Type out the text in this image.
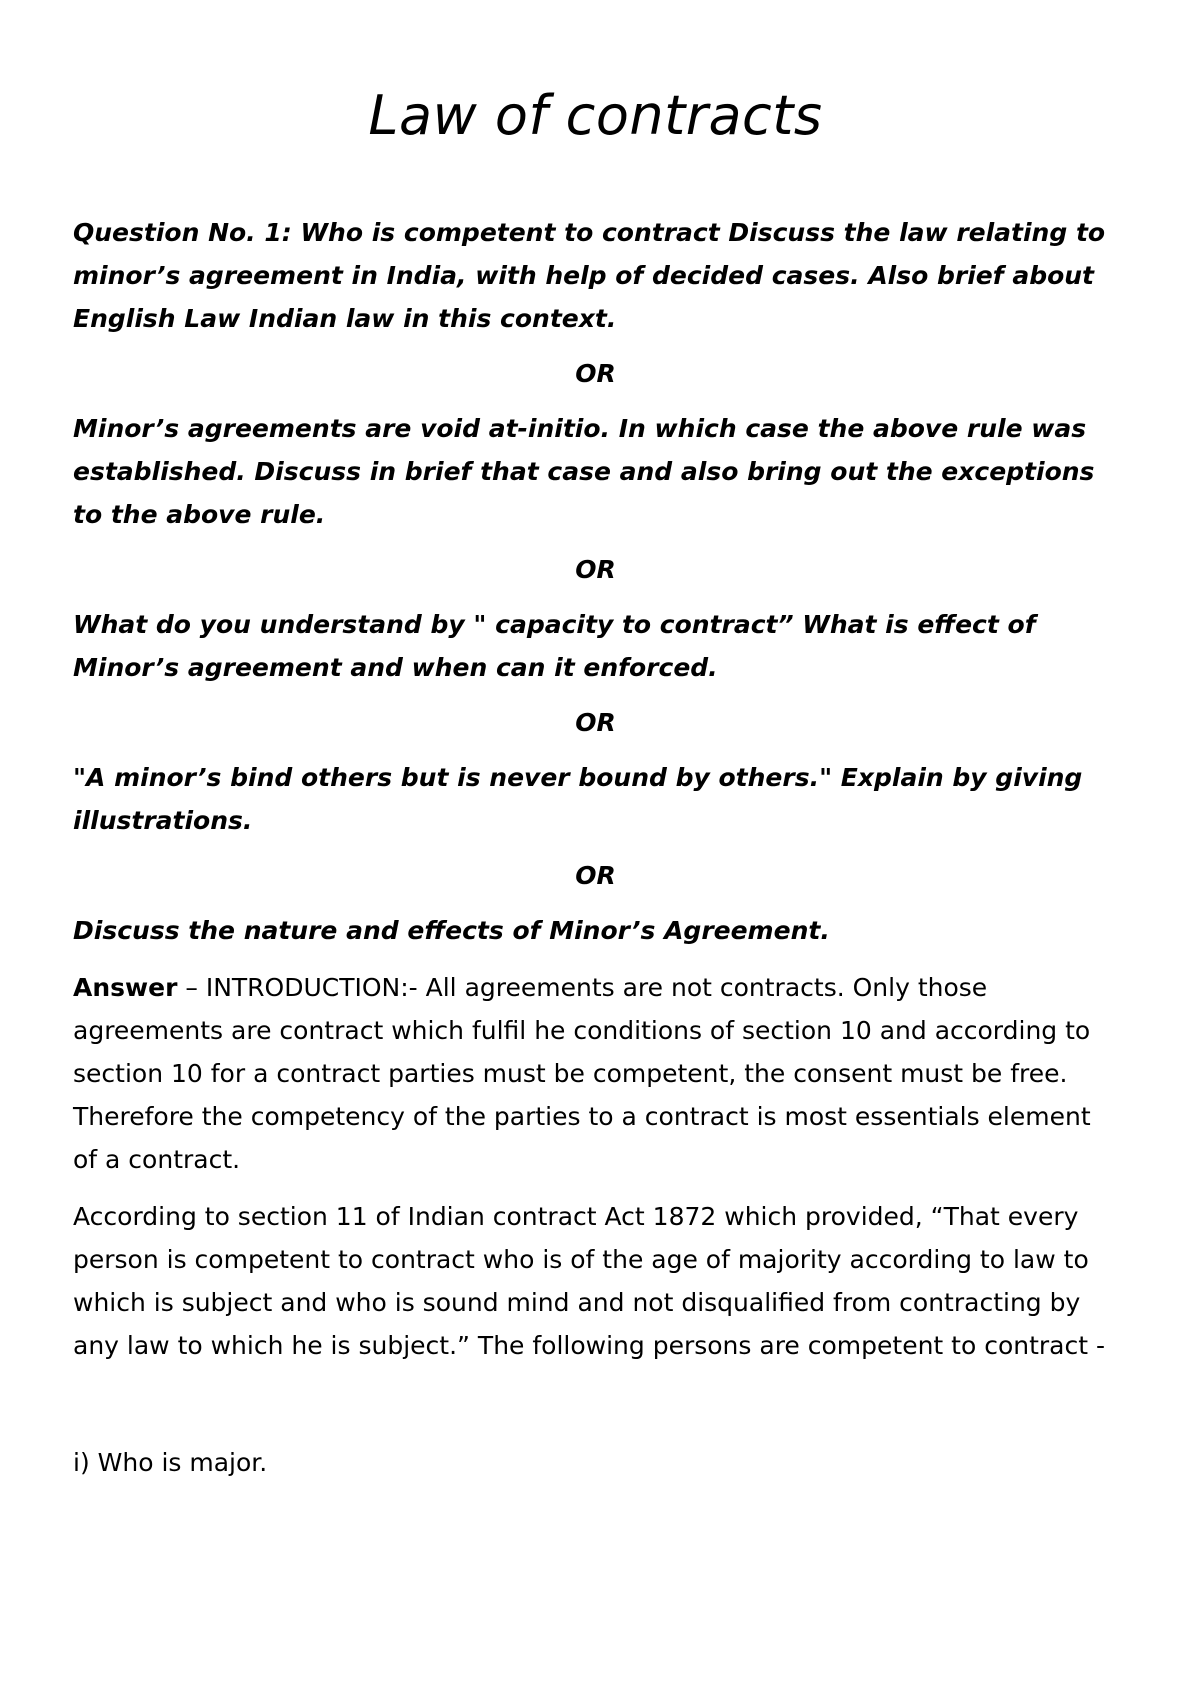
Law of contracts

Question No. 1: Who is competent to contract Discuss the law relating to minor’s agreement in India, with help of decided cases. Also brief about English Law Indian law in this context.

OR

Minor’s agreements are void at-initio. In which case the above rule was established. Discuss in brief that case and also bring out the exceptions to the above rule.

OR

What do you understand by " capacity to contract” What is effect of Minor’s agreement and when can it enforced.

OR

"A minor’s bind others but is never bound by others." Explain by giving illustrations.

OR

Discuss the nature and effects of Minor’s Agreement.

Answer – INTRODUCTION:- All agreements are not contracts. Only those agreements are contract which fulfil he conditions of section 10 and according to section 10 for a contract parties must be competent, the consent must be free. Therefore the competency of the parties to a contract is most essentials element of a contract.

According to section 11 of Indian contract Act 1872 which provided, “That every person is competent to contract who is of the age of majority according to law to which is subject and who is sound mind and not disqualified from contracting by any law to which he is subject.” The following persons are competent to contract -

i) Who is major.
